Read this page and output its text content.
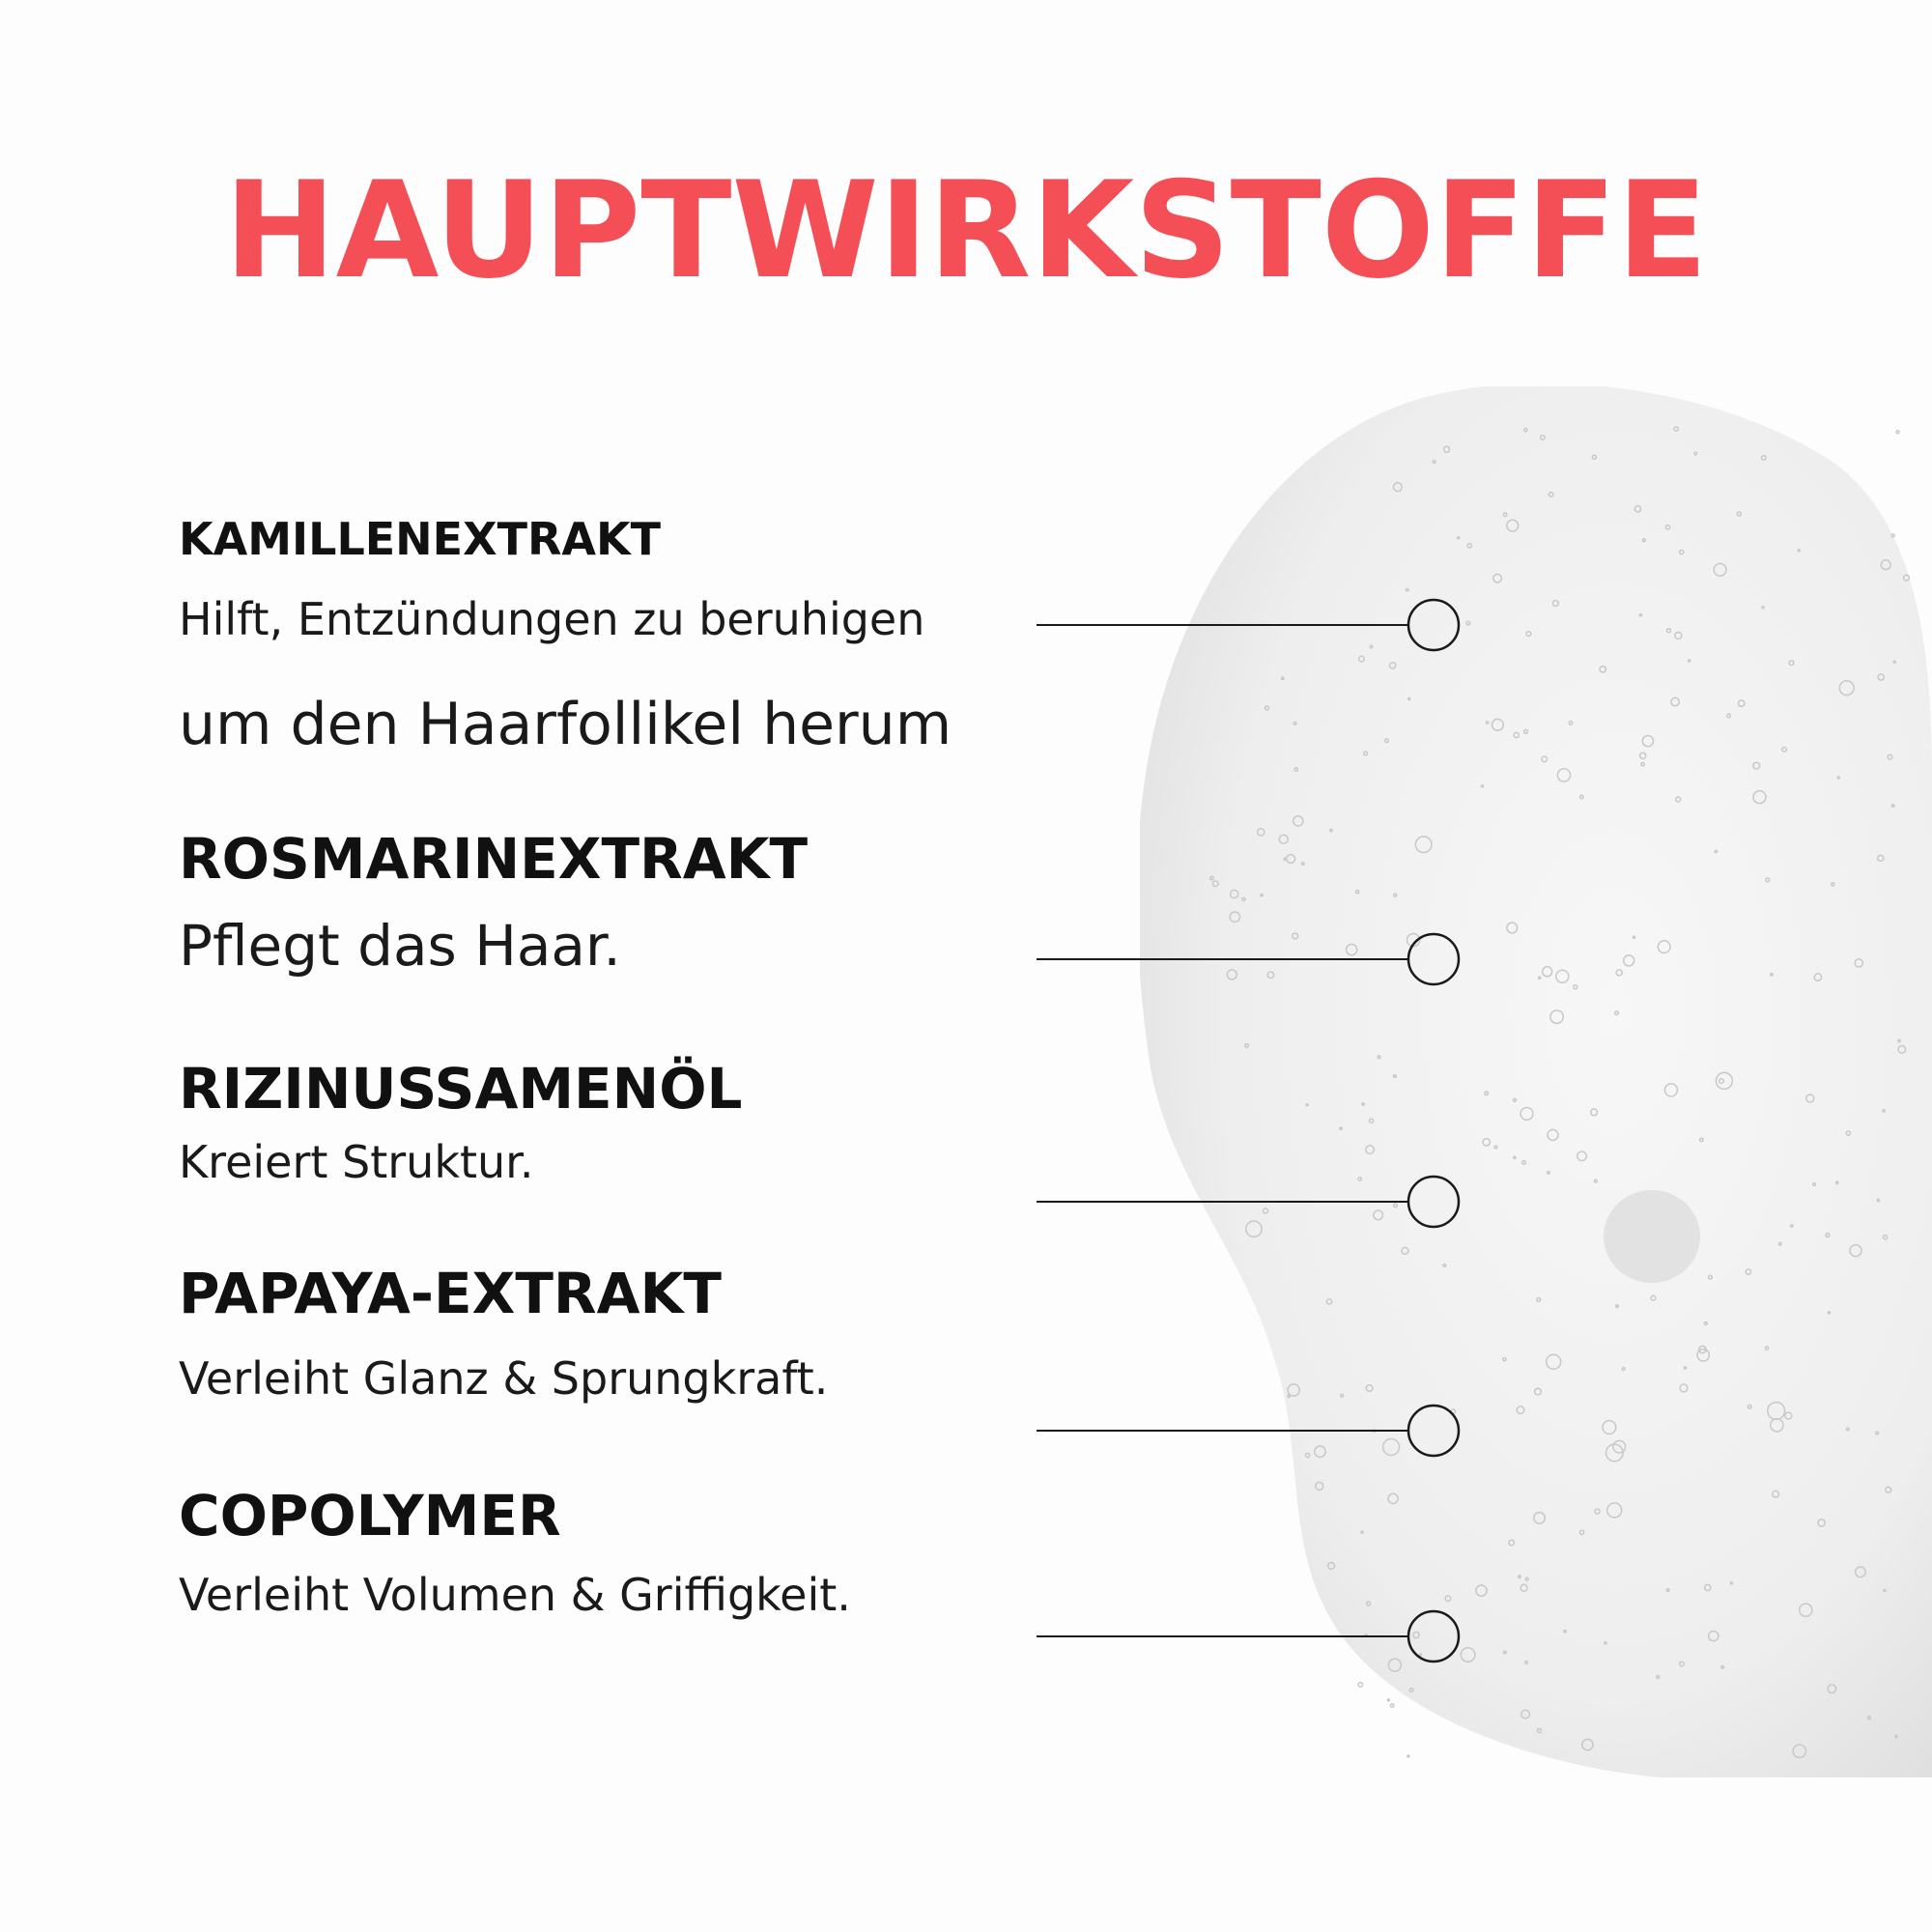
HAUPTWIRKSTOFFE
KAMILLENEXTRAKT
Hilft, Entzündungen zu beruhigen
um den Haarfollikel herum
ROSMARINEXTRAKT
Pflegt das Haar.
RIZINUSSAMENÖL
Kreiert Struktur.
PAPAYA-EXTRAKT
Verleiht Glanz & Sprungkraft.
COPOLYMER
Verleiht Volumen & Griffigkeit.
